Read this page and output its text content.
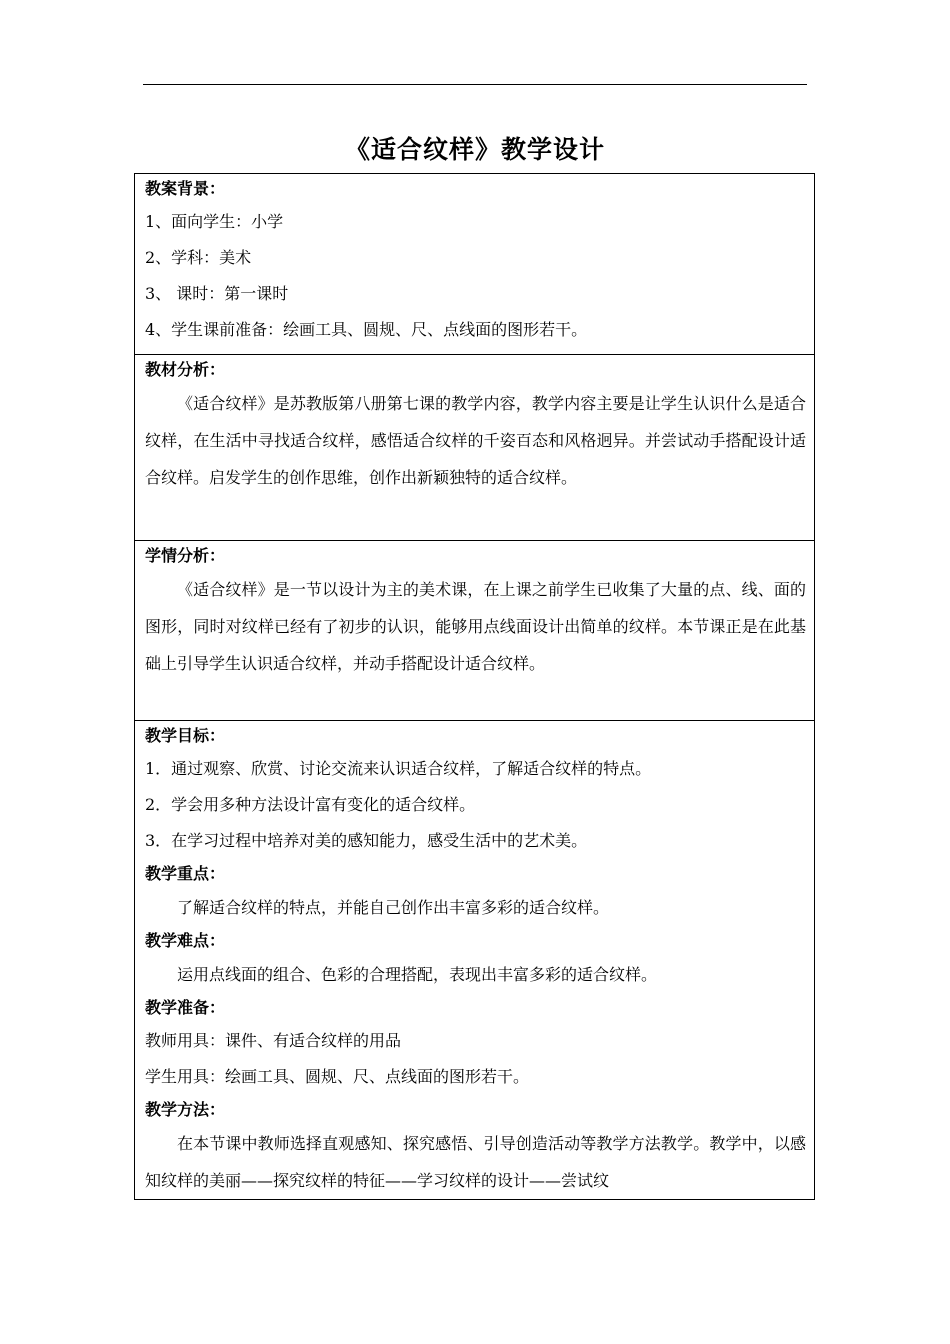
《适合纹样》教学设计
教案背景：
1、面向学生：小学
2、学科：美术
3、 课时：第一课时
4、学生课前准备：绘画工具、圆规、尺、点线面的图形若干。
教材分析：
《适合纹样》是苏教版第八册第七课的教学内容，教学内容主要是让学生认识什么是适合纹样，在生活中寻找适合纹样，感悟适合纹样的千姿百态和风格迥异。并尝试动手搭配设计适合纹样。启发学生的创作思维，创作出新颖独特的适合纹样。
学情分析：
《适合纹样》是一节以设计为主的美术课，在上课之前学生已收集了大量的点、线、面的图形，同时对纹样已经有了初步的认识，能够用点线面设计出简单的纹样。本节课正是在此基础上引导学生认识适合纹样，并动手搭配设计适合纹样。
教学目标：
1．通过观察、欣赏、讨论交流来认识适合纹样，了解适合纹样的特点。
2．学会用多种方法设计富有变化的适合纹样。
3．在学习过程中培养对美的感知能力，感受生活中的艺术美。
教学重点：
了解适合纹样的特点，并能自己创作出丰富多彩的适合纹样。
教学难点：
运用点线面的组合、色彩的合理搭配，表现出丰富多彩的适合纹样。
教学准备：
教师用具：课件、有适合纹样的用品
学生用具：绘画工具、圆规、尺、点线面的图形若干。
教学方法：
在本节课中教师选择直观感知、探究感悟、引导创造活动等教学方法教学。教学中，以感知纹样的美丽——探究纹样的特征——学习纹样的设计——尝试纹
